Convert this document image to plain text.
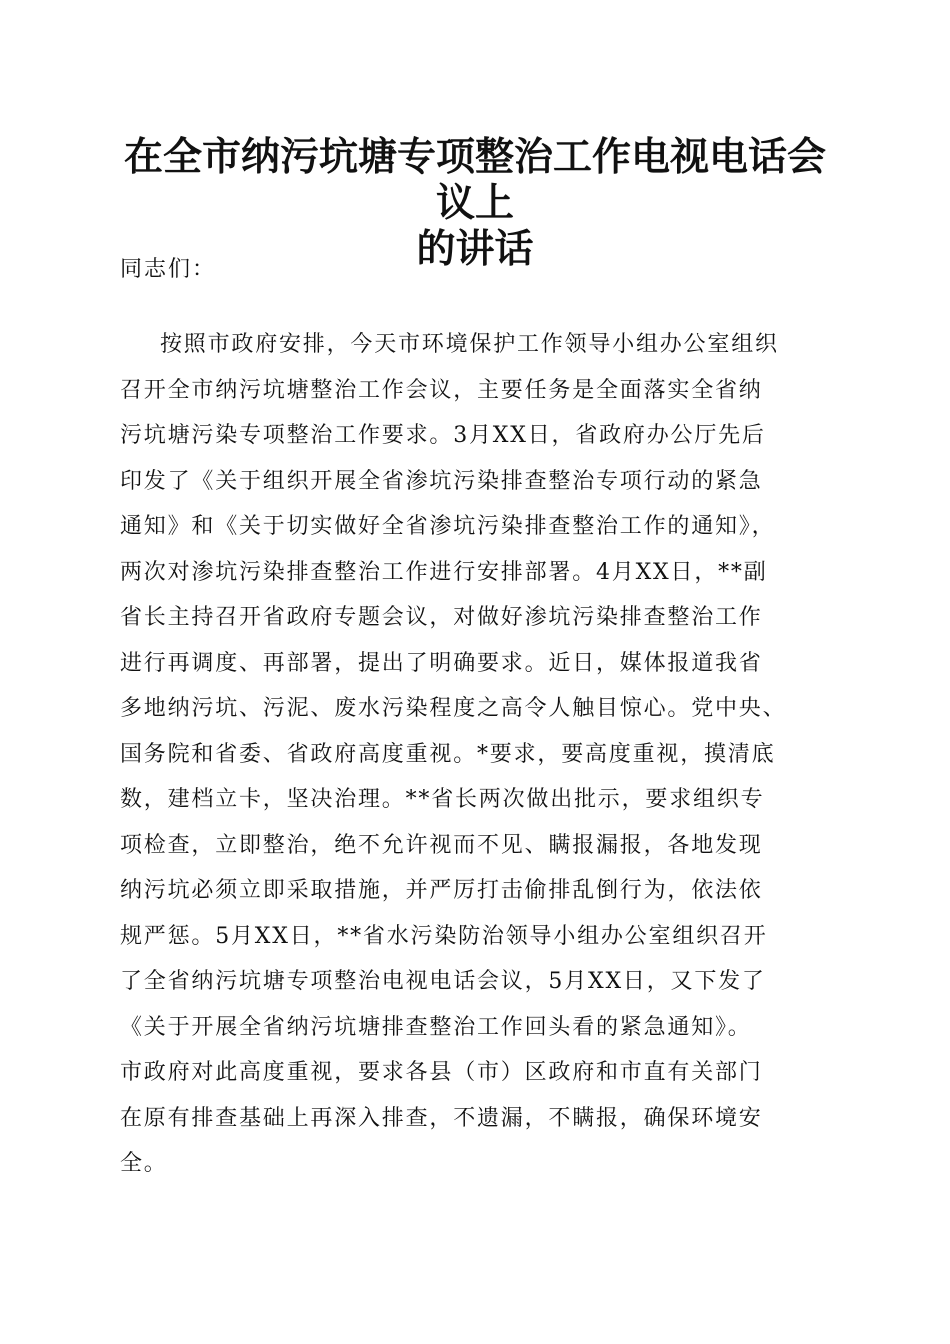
在全市纳污坑塘专项整治工作电视电话会议上
的讲话

同志们：

按照市政府安排，今天市环境保护工作领导小组办公室组织
召开全市纳污坑塘整治工作会议，主要任务是全面落实全省纳
污坑塘污染专项整治工作要求。3月XX日，省政府办公厅先后
印发了《关于组织开展全省渗坑污染排查整治专项行动的紧急
通知》和《关于切实做好全省渗坑污染排查整治工作的通知》，
两次对渗坑污染排查整治工作进行安排部署。4月XX日，**副
省长主持召开省政府专题会议，对做好渗坑污染排查整治工作
进行再调度、再部署，提出了明确要求。近日，媒体报道我省
多地纳污坑、污泥、废水污染程度之高令人触目惊心。党中央、
国务院和省委、省政府高度重视。*要求，要高度重视，摸清底
数，建档立卡，坚决治理。**省长两次做出批示，要求组织专
项检查，立即整治，绝不允许视而不见、瞒报漏报，各地发现
纳污坑必须立即采取措施，并严厉打击偷排乱倒行为，依法依
规严惩。5月XX日，**省水污染防治领导小组办公室组织召开
了全省纳污坑塘专项整治电视电话会议，5月XX日，又下发了
《关于开展全省纳污坑塘排查整治工作回头看的紧急通知》。
市政府对此高度重视，要求各县（市）区政府和市直有关部门
在原有排查基础上再深入排查，不遗漏，不瞒报，确保环境安
全。
